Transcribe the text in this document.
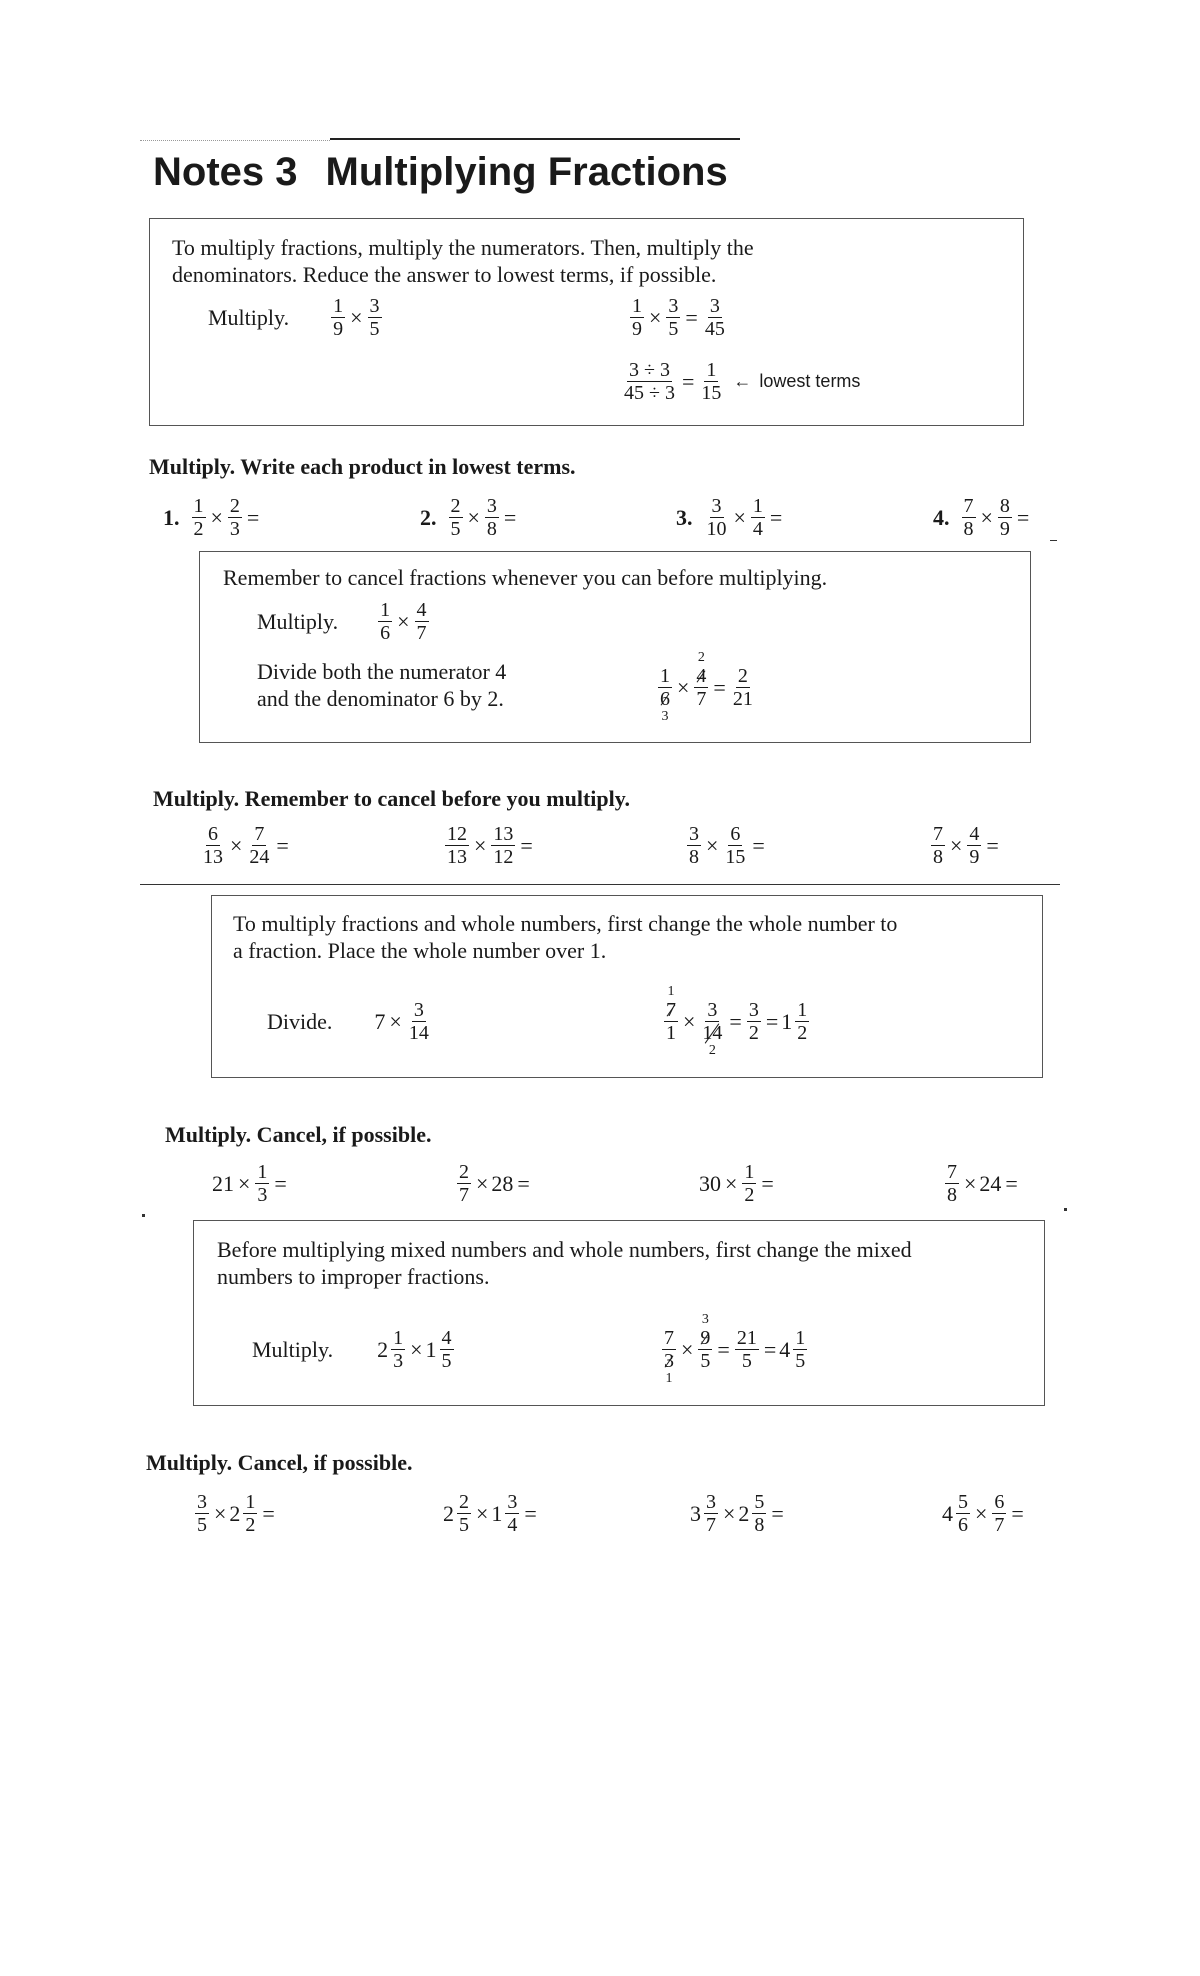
Notes 3 Multiplying Fractions
To multiply fractions, multiply the numerators. Then, multiply the
denominators. Reduce the answer to lowest terms, if possible.
Multiply. $\frac{1}{9} \times \frac{3}{5}$	$\frac{1}{9} \times \frac{3}{5} = \frac{3}{45}$
$\frac{3 \div 3}{45 \div 3} = \frac{1}{15}$ ← lowest terms
Multiply. Write each product in lowest terms.
1. $\frac{1}{2} \times \frac{2}{3}$ =	2. $\frac{2}{5} \times \frac{3}{8}$ =	3. $\frac{3}{10} \times \frac{1}{4}$ =	4. $\frac{7}{8} \times \frac{8}{9}$ =
Remember to cancel fractions whenever you can before multiplying.
Multiply. $\frac{1}{6} \times \frac{4}{7}$
Divide both the numerator 4
and the denominator 6 by 2.
1
6
3
×
2
4
$7 = \frac{2}{21}$
Multiply. Remember to cancel before you multiply.
$\frac{6}{13} \times \frac{7}{24}$ =	$\frac{12}{13} \times \frac{13}{12}$ =	$\frac{3}{8} \times \frac{6}{15}$ =	$\frac{7}{8} \times \frac{4}{9}$ =
To multiply fractions and whole numbers, first change the whole number to
a fraction. Place the whole number over 1.
Divide. $7 \times \frac{3}{14}$
1
7
1 × 3
14
2
= $\frac{3}{2} = 1 \frac{1}{2}$
Multiply. Cancel, if possible.
$21 \times \frac{1}{3}$ =	$\frac{2}{7} \times 28$ =	$30 \times \frac{1}{2}$ =	$\frac{7}{8} \times 24$ =
Before multiplying mixed numbers and whole numbers, first change the mixed
numbers to improper fractions.
Multiply. $2 \frac{1}{3} \times 1 \frac{4}{5}$	7
3
1
×
3
9
$5 = \frac{21}{5} = 4 \frac{1}{5}$
Multiply. Cancel, if possible.
$\frac{3}{5} \times 2 \frac{1}{2}$ =	$2 \frac{2}{5} \times 1 \frac{3}{4}$ =	$3 \frac{3}{7} \times 2 \frac{5}{8}$ =	$4 \frac{5}{6} \times \frac{6}{7}$ =
